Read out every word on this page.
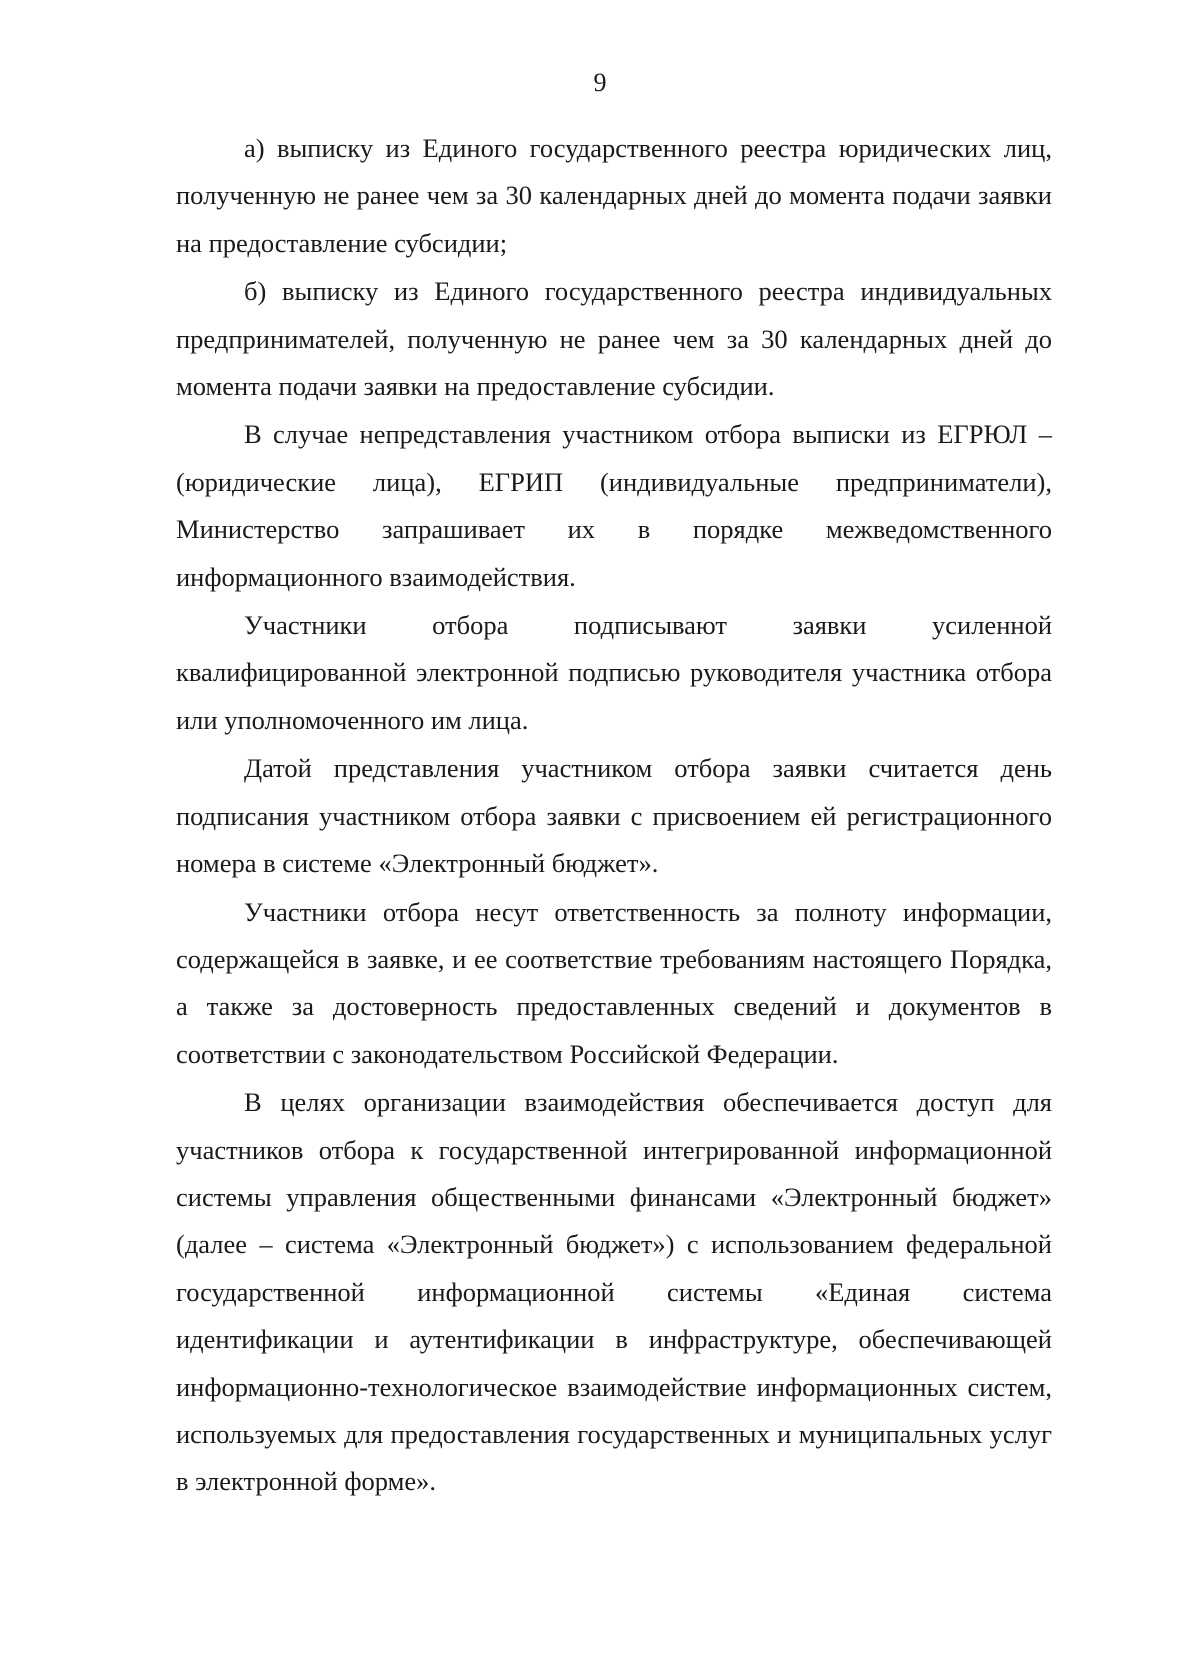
9

а) выписку из Единого государственного реестра юридических лиц, полученную не ранее чем за 30 календарных дней до момента подачи заявки на предоставление субсидии;

б) выписку из Единого государственного реестра индивидуальных предпринимателей, полученную не ранее чем за 30 календарных дней до момента подачи заявки на предоставление субсидии.

В случае непредставления участником отбора выписки из ЕГРЮЛ – (юридические лица), ЕГРИП (индивидуальные предприниматели), Министерство запрашивает их в порядке межведомственного информационного взаимодействия.

Участники отбора подписывают заявки усиленной квалифицированной электронной подписью руководителя участника отбора или уполномоченного им лица.

Датой представления участником отбора заявки считается день подписания участником отбора заявки с присвоением ей регистрационного номера в системе «Электронный бюджет».

Участники отбора несут ответственность за полноту информации, содержащейся в заявке, и ее соответствие требованиям настоящего Порядка, а также за достоверность предоставленных сведений и документов в соответствии с законодательством Российской Федерации.

В целях организации взаимодействия обеспечивается доступ для участников отбора к государственной интегрированной информационной системы управления общественными финансами «Электронный бюджет» (далее – система «Электронный бюджет») с использованием федеральной государственной информационной системы «Единая система идентификации и аутентификации в инфраструктуре, обеспечивающей информационно-технологическое взаимодействие информационных систем, используемых для предоставления государственных и муниципальных услуг в электронной форме».
